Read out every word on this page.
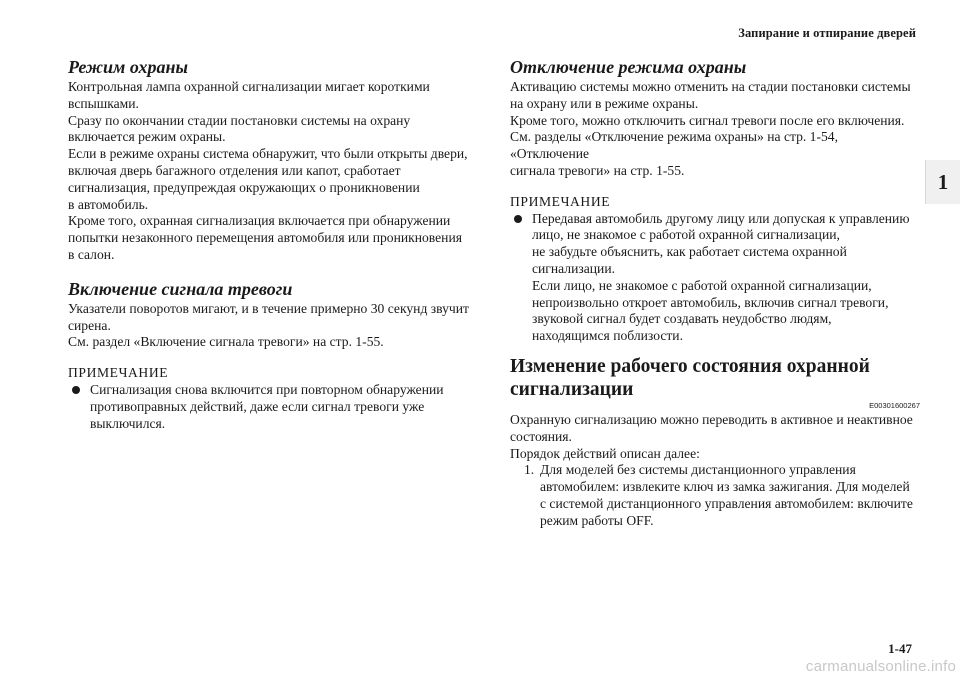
Запирание и отпирание дверей
1

Режим охраны

Контрольная лампа охранной сигнализации мигает короткими

вспышками.

Сразу по окончании стадии постановки системы на охрану

включается режим охраны.

Если в режиме охраны система обнаружит, что были открыты двери,

включая дверь багажного отделения или капот, сработает

сигнализация, предупреждая окружающих о проникновении

в автомобиль.

Кроме того, охранная сигнализация включается при обнаружении

попытки незаконного перемещения автомобиля или проникновения

в салон.

Включение сигнала тревоги

Указатели поворотов мигают, и в течение примерно 30 секунд звучит

сирена.

См. раздел «Включение сигнала тревоги» на стр. 1-55.

ПРИМЕЧАНИЕ

Сигнализация снова включится при повторном обнаружении

противоправных действий, даже если сигнал тревоги уже

выключился.

Отключение режима охраны

Активацию системы можно отменить на стадии постановки системы

на охрану или в режиме охраны.

Кроме того, можно отключить сигнал тревоги после его включения.

См. разделы «Отключение режима охраны» на стр. 1-54, «Отключение

сигнала тревоги» на стр. 1-55.

ПРИМЕЧАНИЕ

Передавая автомобиль другому лицу или допуская к управлению

лицо, не знакомое с работой охранной сигнализации,

не забудьте объяснить, как работает система охранной

сигнализации.

Если лицо, не знакомое с работой охранной сигнализации,

непроизвольно откроет автомобиль, включив сигнал тревоги,

звуковой сигнал будет создавать неудобство людям,

находящимся поблизости.

Изменение рабочего состояния охранной

сигнализации

E00301600267

Охранную сигнализацию можно переводить в активное и неактивное

состояния.

Порядок действий описан далее:

1. Для моделей без системы дистанционного управления

автомобилем: извлеките ключ из замка зажигания. Для моделей

с системой дистанционного управления автомобилем: включите

режим работы OFF.

1-47
carmanualsonline.info
